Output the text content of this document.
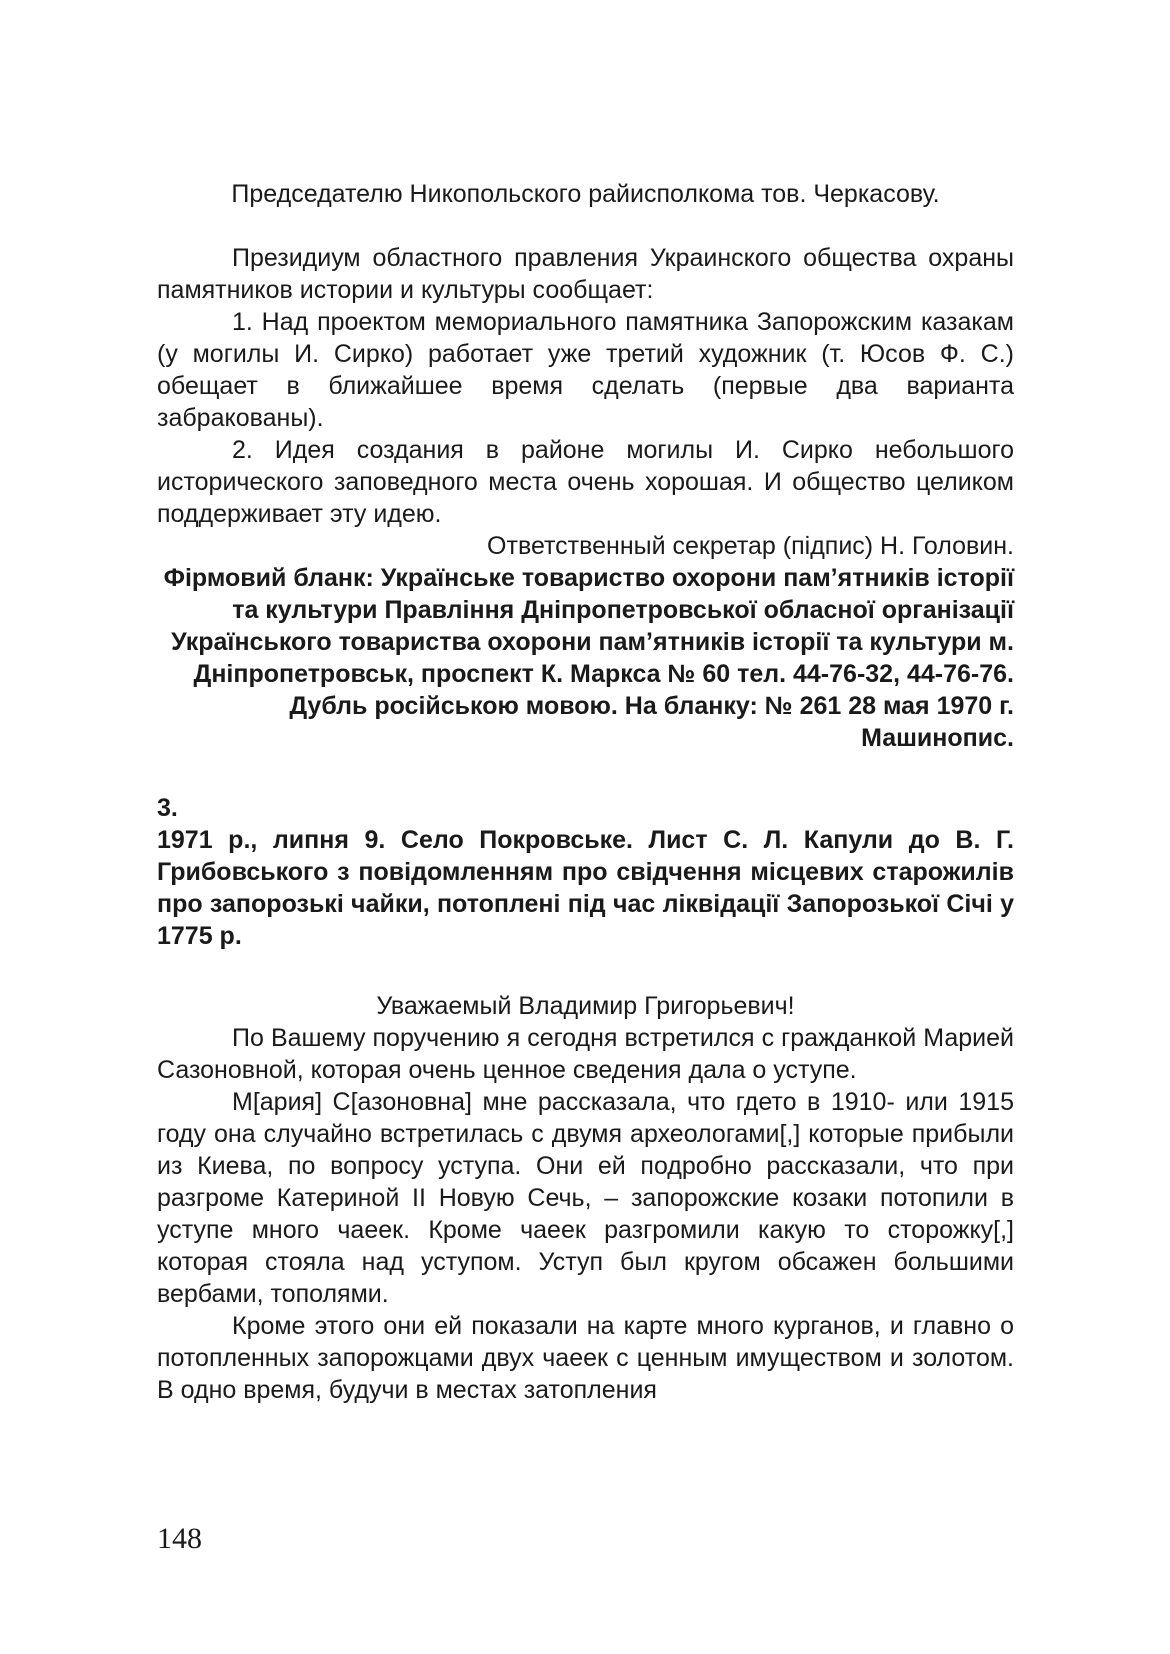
Председателю Никопольского райисполкома тов. Черкасову.

Президиум областного правления Украинского общества охраны памятников истории и культуры сообщает:

1. Над проектом мемориального памятника Запорожским казакам (у могилы И. Сирко) работает уже третий художник (т. Юсов Ф. С.) обещает в ближайшее время сделать (первые два варианта забракованы).

2. Идея создания в районе могилы И. Сирко небольшого исторического заповедного места очень хорошая. И общество целиком поддерживает эту идею.

Ответственный секретар (підпис) Н. Головин.

Фірмовий бланк: Українське товариство охорони пам’ятників історії та культури Правління Дніпропетровської обласної організації Українського товариства охорони пам’ятників історії та культури м. Дніпропетровськ, проспект К. Маркса № 60 тел. 44-76-32, 44-76-76. Дубль російською мовою. На бланку: № 261 28 мая 1970 г. Машинопис.

3.

1971 р., липня 9. Село Покровське. Лист С. Л. Капули до В. Г. Грибовського з повідомленням про свідчення місцевих старожилів про запорозькі чайки, потоплені під час ліквідації Запорозької Січі у 1775 р.

Уважаемый Владимир Григорьевич!

По Вашему поручению я сегодня встретился с гражданкой Марией Сазоновной, которая очень ценное сведения дала о уступе.

М[ария] С[азоновна] мне рассказала, что гдето в 1910- или 1915 году она случайно встретилась с двумя археологами[,] которые прибыли из Киева, по вопросу уступа. Они ей подробно рассказали, что при разгроме Катериной II Новую Сечь, – запорожские козаки потопили в уступе много чаеек. Кроме чаеек разгромили какую то сторожку[,] которая стояла над уступом. Уступ был кругом обсажен большими вербами, тополями.

Кроме этого они ей показали на карте много курганов, и главно о потопленных запорожцами двух чаеек с ценным имуществом и золотом. В одно время, будучи в местах затопления

148
